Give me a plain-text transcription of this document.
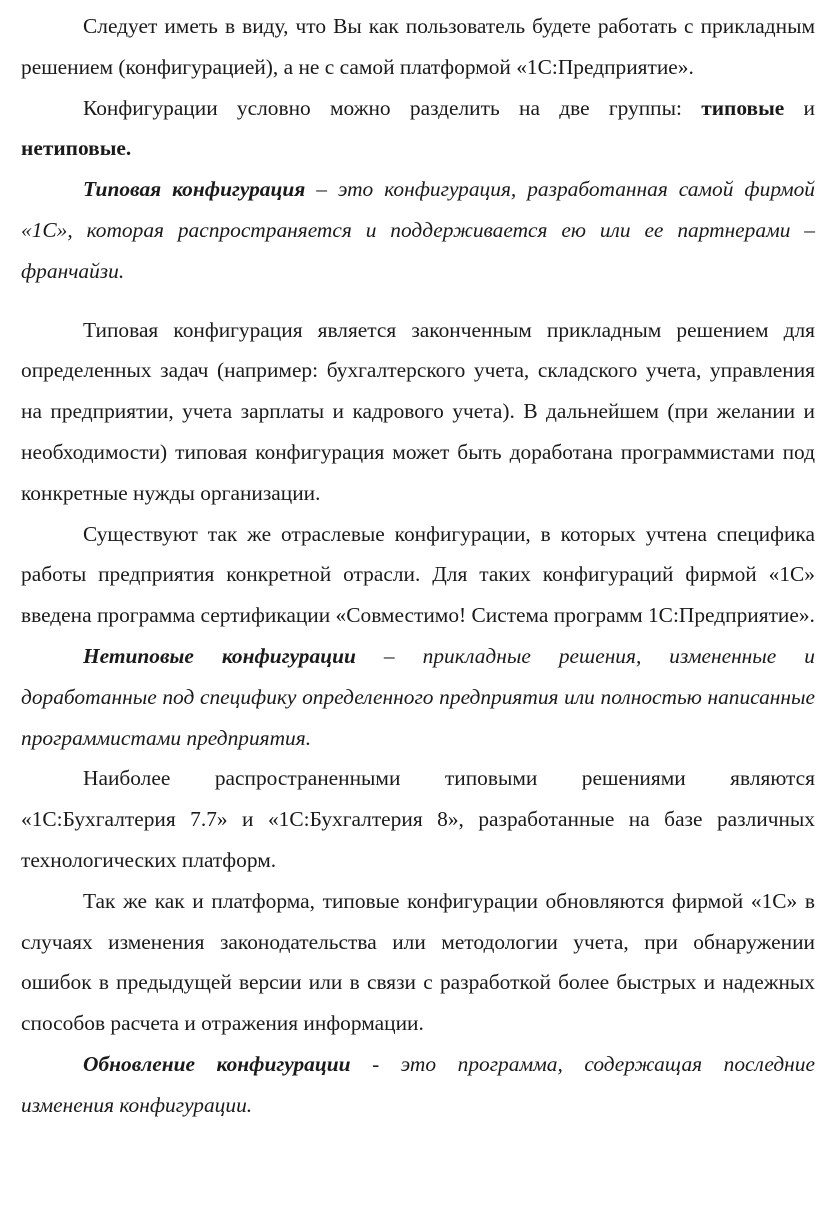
Следует иметь в виду, что Вы как пользователь будете работать с прикладным решением (конфигурацией), а не с самой платформой «1С:Предприятие».

Конфигурации условно можно разделить на две группы: типовые и нетиповые.

Типовая конфигурация – это конфигурация, разработанная самой фирмой «1С», которая распространяется и поддерживается ею или ее партнерами – франчайзи.

Типовая конфигурация является законченным прикладным решением для определенных задач (например: бухгалтерского учета, складского учета, управления на предприятии, учета зарплаты и кадрового учета). В дальнейшем (при желании и необходимости) типовая конфигурация может быть доработана программистами под конкретные нужды организации.

Существуют так же отраслевые конфигурации, в которых учтена специфика работы предприятия конкретной отрасли. Для таких конфигураций фирмой «1С» введена программа сертификации «Совместимо! Система программ 1С:Предприятие».

Нетиповые конфигурации – прикладные решения, измененные и доработанные под специфику определенного предприятия или полностью написанные программистами предприятия.

Наиболее распространенными типовыми решениями являются «1С:Бухгалтерия 7.7» и «1С:Бухгалтерия 8», разработанные на базе различных технологических платформ.

Так же как и платформа, типовые конфигурации обновляются фирмой «1С» в случаях изменения законодательства или методологии учета, при обнаружении ошибок в предыдущей версии или в связи с разработкой более быстрых и надежных способов расчета и отражения информации.

Обновление конфигурации - это программа, содержащая последние изменения конфигурации.
